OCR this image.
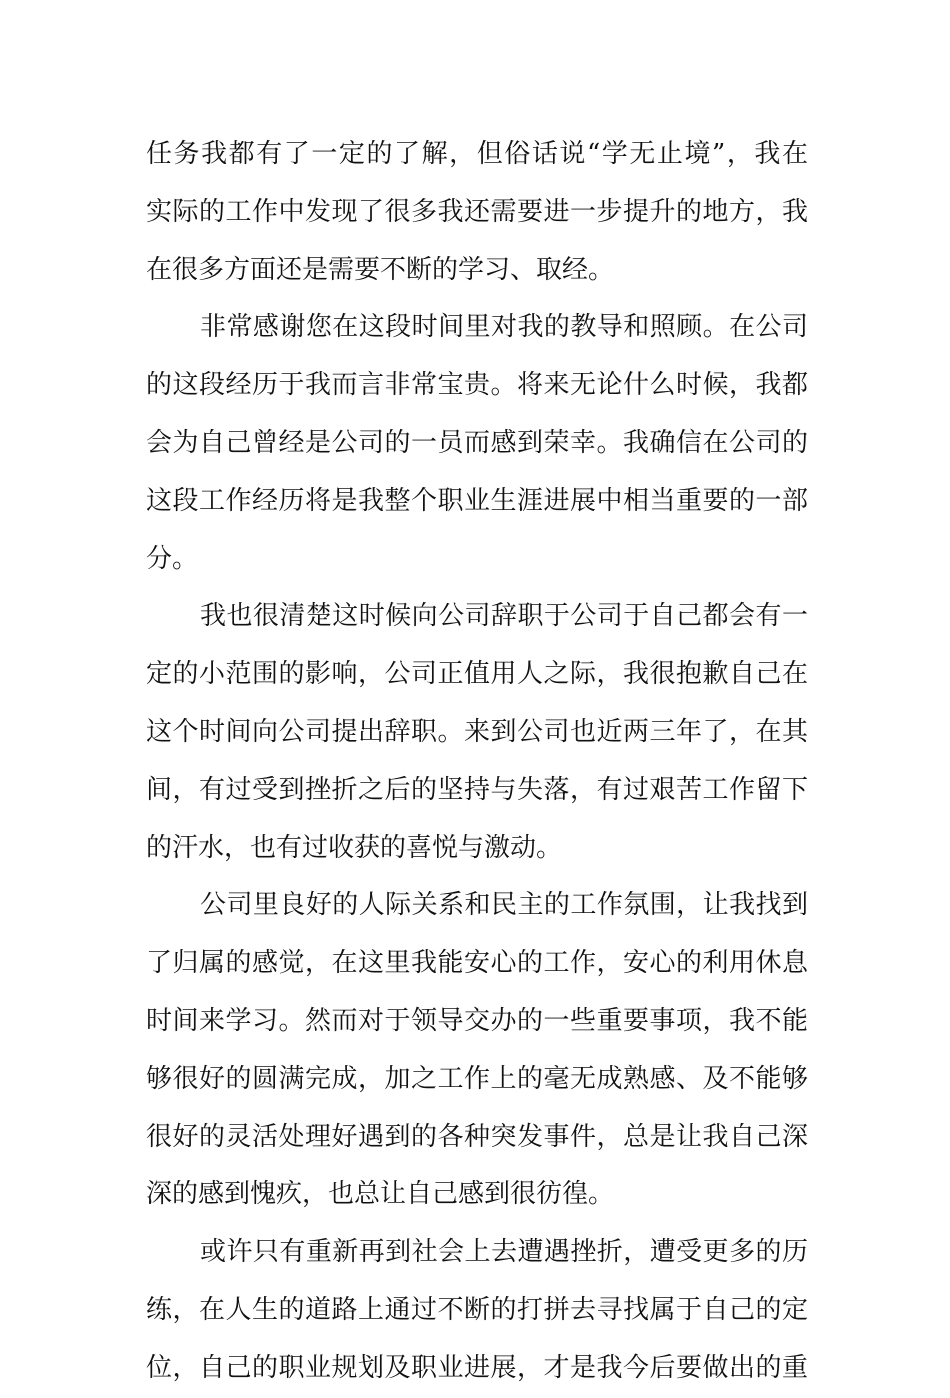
任务我都有了一定的了解，但俗话说“学无止境”，我在
实际的工作中发现了很多我还需要进一步提升的地方，我
在很多方面还是需要不断的学习、取经。
非常感谢您在这段时间里对我的教导和照顾。在公司
的这段经历于我而言非常宝贵。将来无论什么时候，我都
会为自己曾经是公司的一员而感到荣幸。我确信在公司的
这段工作经历将是我整个职业生涯进展中相当重要的一部
分。
我也很清楚这时候向公司辞职于公司于自己都会有一
定的小范围的影响，公司正值用人之际，我很抱歉自己在
这个时间向公司提出辞职。来到公司也近两三年了，在其
间，有过受到挫折之后的坚持与失落，有过艰苦工作留下
的汗水，也有过收获的喜悦与激动。
公司里良好的人际关系和民主的工作氛围，让我找到
了归属的感觉，在这里我能安心的工作，安心的利用休息
时间来学习。然而对于领导交办的一些重要事项，我不能
够很好的圆满完成，加之工作上的毫无成熟感、及不能够
很好的灵活处理好遇到的各种突发事件，总是让我自己深
深的感到愧疚，也总让自己感到很彷徨。
或许只有重新再到社会上去遭遇挫折，遭受更多的历
练，在人生的道路上通过不断的打拼去寻找属于自己的定
位，自己的职业规划及职业进展，才是我今后要做出的重
